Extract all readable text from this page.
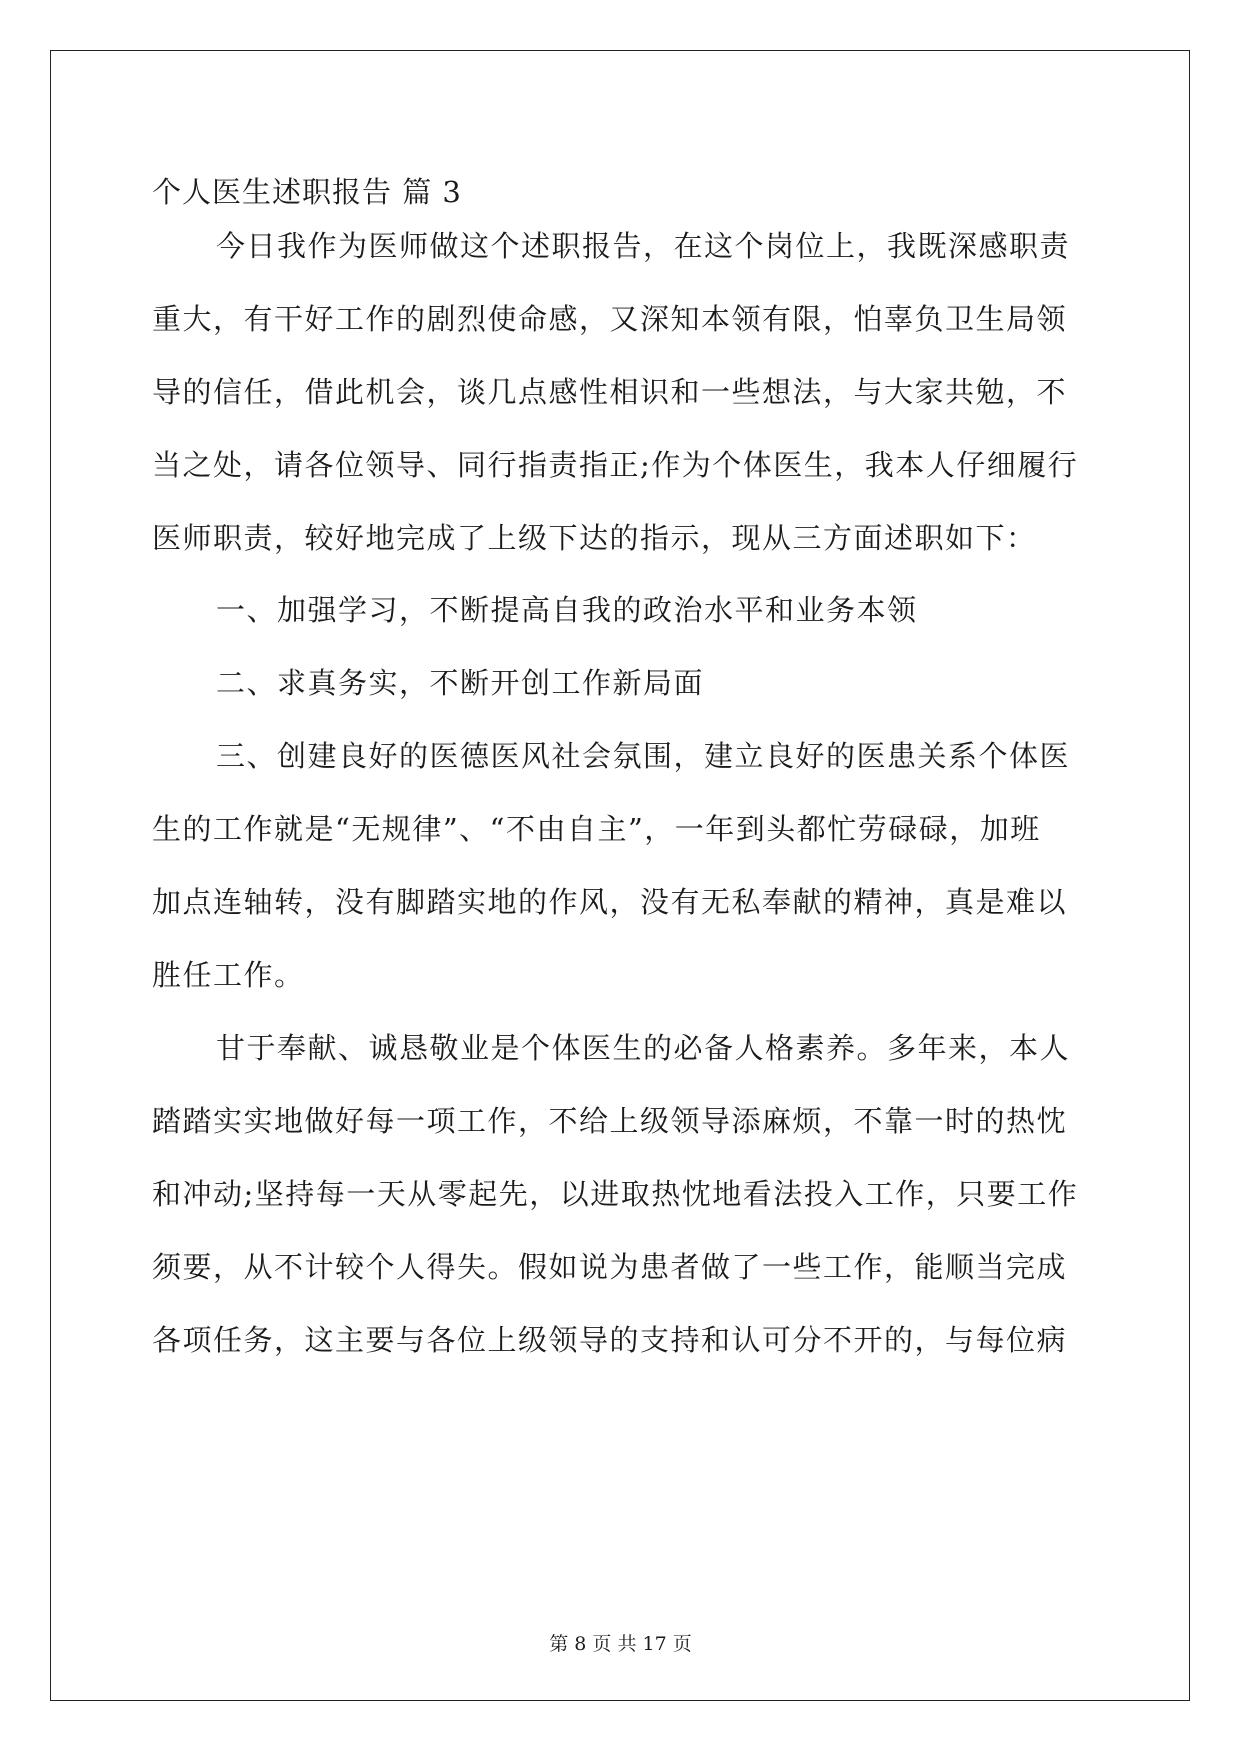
个人医生述职报告 篇 3
今日我作为医师做这个述职报告，在这个岗位上，我既深感职责
重大，有干好工作的剧烈使命感，又深知本领有限，怕辜负卫生局领
导的信任，借此机会，谈几点感性相识和一些想法，与大家共勉，不
当之处，请各位领导、同行指责指正;作为个体医生，我本人仔细履行
医师职责，较好地完成了上级下达的指示，现从三方面述职如下：
一、加强学习，不断提高自我的政治水平和业务本领
二、求真务实，不断开创工作新局面
三、创建良好的医德医风社会氛围，建立良好的医患关系个体医
生的工作就是“无规律”、“不由自主”，一年到头都忙劳碌碌，加班
加点连轴转，没有脚踏实地的作风，没有无私奉献的精神，真是难以
胜任工作。
甘于奉献、诚恳敬业是个体医生的必备人格素养。多年来，本人
踏踏实实地做好每一项工作，不给上级领导添麻烦，不靠一时的热忱
和冲动;坚持每一天从零起先，以进取热忱地看法投入工作，只要工作
须要，从不计较个人得失。假如说为患者做了一些工作，能顺当完成
各项任务，这主要与各位上级领导的支持和认可分不开的，与每位病
第 8 页 共 17 页
